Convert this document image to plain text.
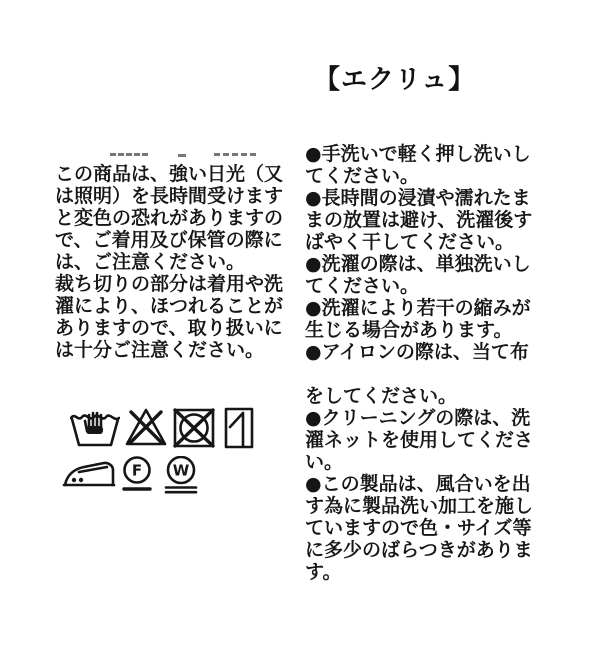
【エクリュ】
この商品は、強い日光（又
は照明）を長時間受けます
と変色の恐れがありますの
で、ご着用及び保管の際に
は、ご注意ください。
裁ち切りの部分は着用や洗
濯により、ほつれることが
ありますので、取り扱いに
は十分ご注意ください。
●手洗いで軽く押し洗いし
てください。
●長時間の浸漬や濡れたま
まの放置は避け、洗濯後す
ばやく干してください。
●洗濯の際は、単独洗いし
てください。
●洗濯により若干の縮みが
生じる場合があります。
●アイロンの際は、当て布
をしてください。
●クリーニングの際は、洗
濯ネットを使用してくださ
い。
●この製品は、風合いを出
す為に製品洗い加工を施し
ていますので色・サイズ等
に多少のばらつきがありま
す。
F W
